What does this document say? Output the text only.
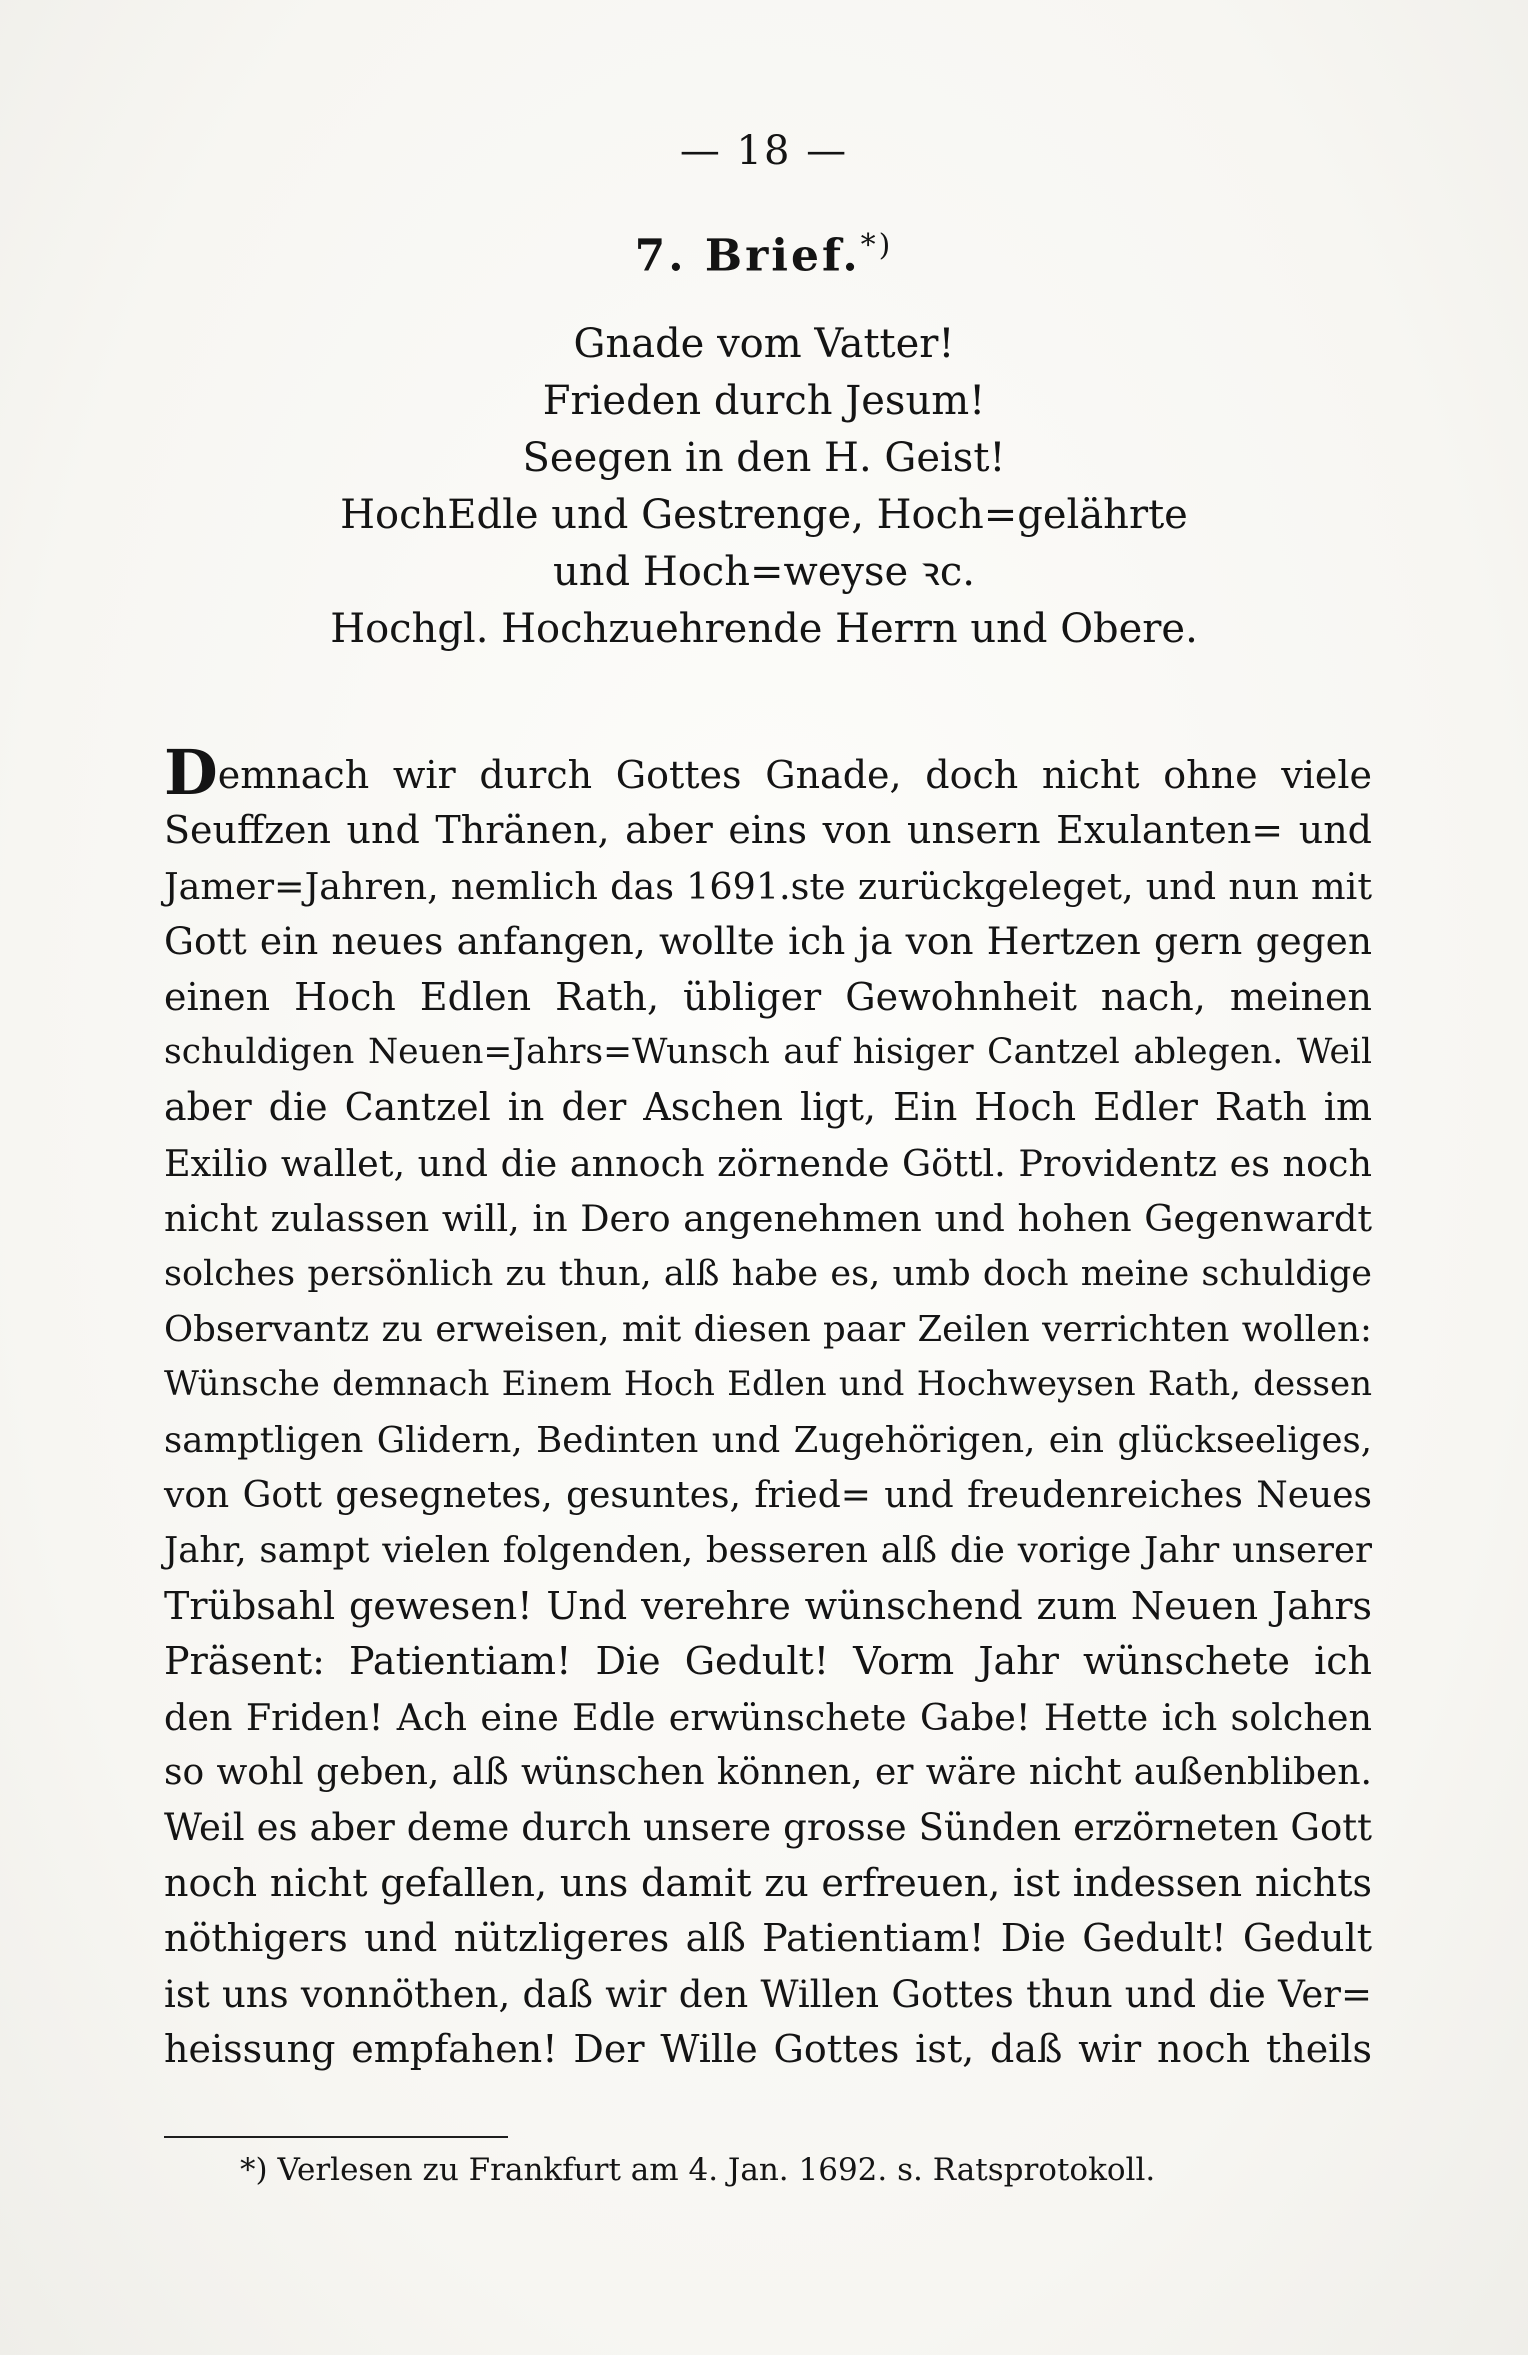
— 18 —
7. Brief.*)
Gnade vom Vatter!
Frieden durch Jesum!
Seegen in den H. Geist!
HochEdle und Gestrenge, Hoch=gelährte
und Hoch=weyse ꝛc.
Hochgl. Hochzuehrende Herrn und Obere.
Demnach wir durch Gottes Gnade, doch nicht ohne viele
Seuffzen und Thränen, aber eins von unsern Exulanten= und
Jamer=Jahren, nemlich das 1691.ste zurückgeleget, und nun mit
Gott ein neues anfangen, wollte ich ja von Hertzen gern gegen
einen Hoch Edlen Rath, übliger Gewohnheit nach, meinen
schuldigen Neuen=Jahrs=Wunsch auf hisiger Cantzel ablegen. Weil
aber die Cantzel in der Aschen ligt, Ein Hoch Edler Rath im
Exilio wallet, und die annoch zörnende Göttl. Providentz es noch
nicht zulassen will, in Dero angenehmen und hohen Gegenwardt
solches persönlich zu thun, alß habe es, umb doch meine schuldige
Observantz zu erweisen, mit diesen paar Zeilen verrichten wollen:
Wünsche demnach Einem Hoch Edlen und Hochweysen Rath, dessen
samptligen Glidern, Bedinten und Zugehörigen, ein glückseeliges,
von Gott gesegnetes, gesuntes, fried= und freudenreiches Neues
Jahr, sampt vielen folgenden, besseren alß die vorige Jahr unserer
Trübsahl gewesen! Und verehre wünschend zum Neuen Jahrs
Präsent: Patientiam! Die Gedult! Vorm Jahr wünschete ich
den Friden! Ach eine Edle erwünschete Gabe! Hette ich solchen
so wohl geben, alß wünschen können, er wäre nicht außenbliben.
Weil es aber deme durch unsere grosse Sünden erzörneten Gott
noch nicht gefallen, uns damit zu erfreuen, ist indessen nichts
nöthigers und nützligeres alß Patientiam! Die Gedult! Gedult
ist uns vonnöthen, daß wir den Willen Gottes thun und die Ver=
heissung empfahen! Der Wille Gottes ist, daß wir noch theils
*) Verlesen zu Frankfurt am 4. Jan. 1692. s. Ratsprotokoll.
